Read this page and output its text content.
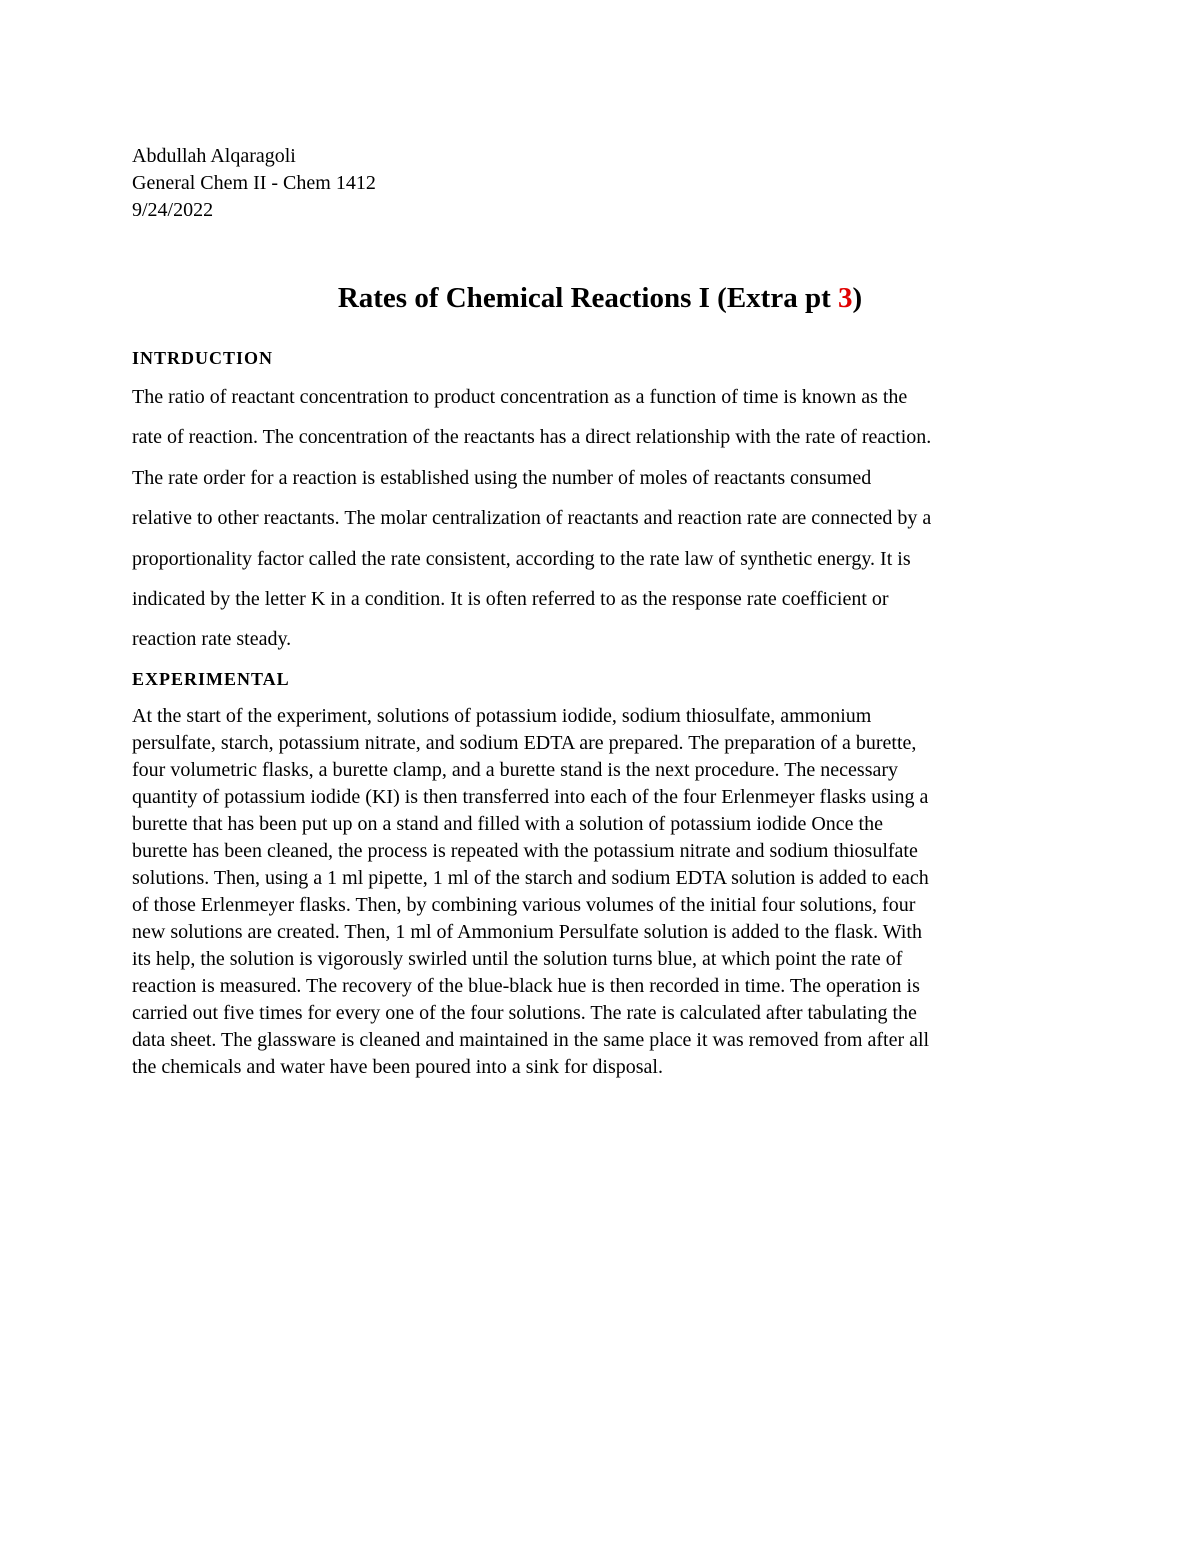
Abdullah Alqaragoli
General Chem II - Chem 1412
9/24/2022
Rates of Chemical Reactions I (Extra pt 3)
INTRDUCTION
The ratio of reactant concentration to product concentration as a function of time is known as the
rate of reaction. The concentration of the reactants has a direct relationship with the rate of reaction.
The rate order for a reaction is established using the number of moles of reactants consumed
relative to other reactants. The molar centralization of reactants and reaction rate are connected by a
proportionality factor called the rate consistent, according to the rate law of synthetic energy. It is
indicated by the letter K in a condition. It is often referred to as the response rate coefficient or
reaction rate steady.
EXPERIMENTAL
At the start of the experiment, solutions of potassium iodide, sodium thiosulfate, ammonium
persulfate, starch, potassium nitrate, and sodium EDTA are prepared. The preparation of a burette,
four volumetric flasks, a burette clamp, and a burette stand is the next procedure. The necessary
quantity of potassium iodide (KI) is then transferred into each of the four Erlenmeyer flasks using a
burette that has been put up on a stand and filled with a solution of potassium iodide Once the
burette has been cleaned, the process is repeated with the potassium nitrate and sodium thiosulfate
solutions. Then, using a 1 ml pipette, 1 ml of the starch and sodium EDTA solution is added to each
of those Erlenmeyer flasks. Then, by combining various volumes of the initial four solutions, four
new solutions are created. Then, 1 ml of Ammonium Persulfate solution is added to the flask. With
its help, the solution is vigorously swirled until the solution turns blue, at which point the rate of
reaction is measured. The recovery of the blue-black hue is then recorded in time. The operation is
carried out five times for every one of the four solutions. The rate is calculated after tabulating the
data sheet. The glassware is cleaned and maintained in the same place it was removed from after all
the chemicals and water have been poured into a sink for disposal.
